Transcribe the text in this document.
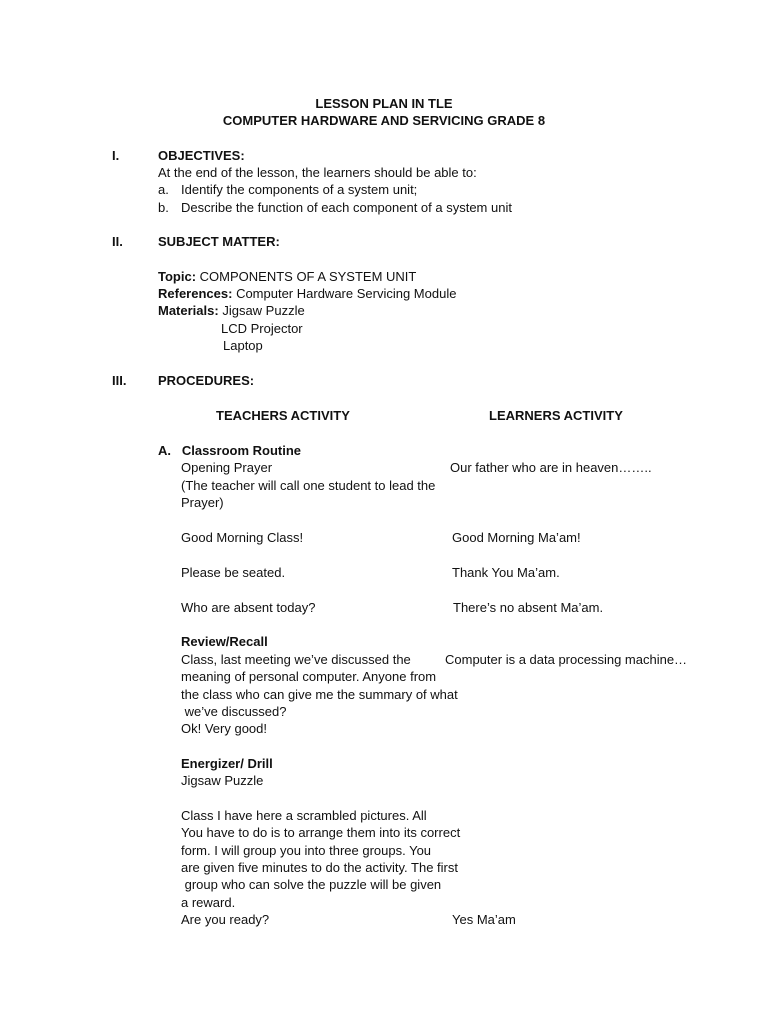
LESSON PLAN IN TLE
COMPUTER HARDWARE AND SERVICING GRADE 8
I.	OBJECTIVES:
At the end of the lesson, the learners should be able to:
a. Identify the components of a system unit;
b. Describe the function of each component of a system unit
II.	SUBJECT MATTER:
Topic: COMPONENTS OF A SYSTEM UNIT
References: Computer Hardware Servicing Module
Materials: Jigsaw Puzzle
LCD Projector
Laptop
III. PROCEDURES:
TEACHERS ACTIVITY	LEARNERS ACTIVITY
A.   Classroom Routine
Opening Prayer	Our father who are in heaven……..
(The teacher will call one student to lead the
Prayer)
Good Morning Class!	Good Morning Ma’am!
Please be seated.	Thank You Ma’am.
Who are absent today?	There’s no absent Ma’am.
Review/Recall
Class, last meeting we’ve discussed the	Computer is a data processing machine…
meaning of personal computer. Anyone from
the class who can give me the summary of what
we’ve discussed?
Ok! Very good!
Energizer/ Drill
Jigsaw Puzzle
Class I have here a scrambled pictures. All
You have to do is to arrange them into its correct
form. I will group you into three groups. You
are given five minutes to do the activity. The first
group who can solve the puzzle will be given
a reward.
Are you ready?	Yes Ma’am
